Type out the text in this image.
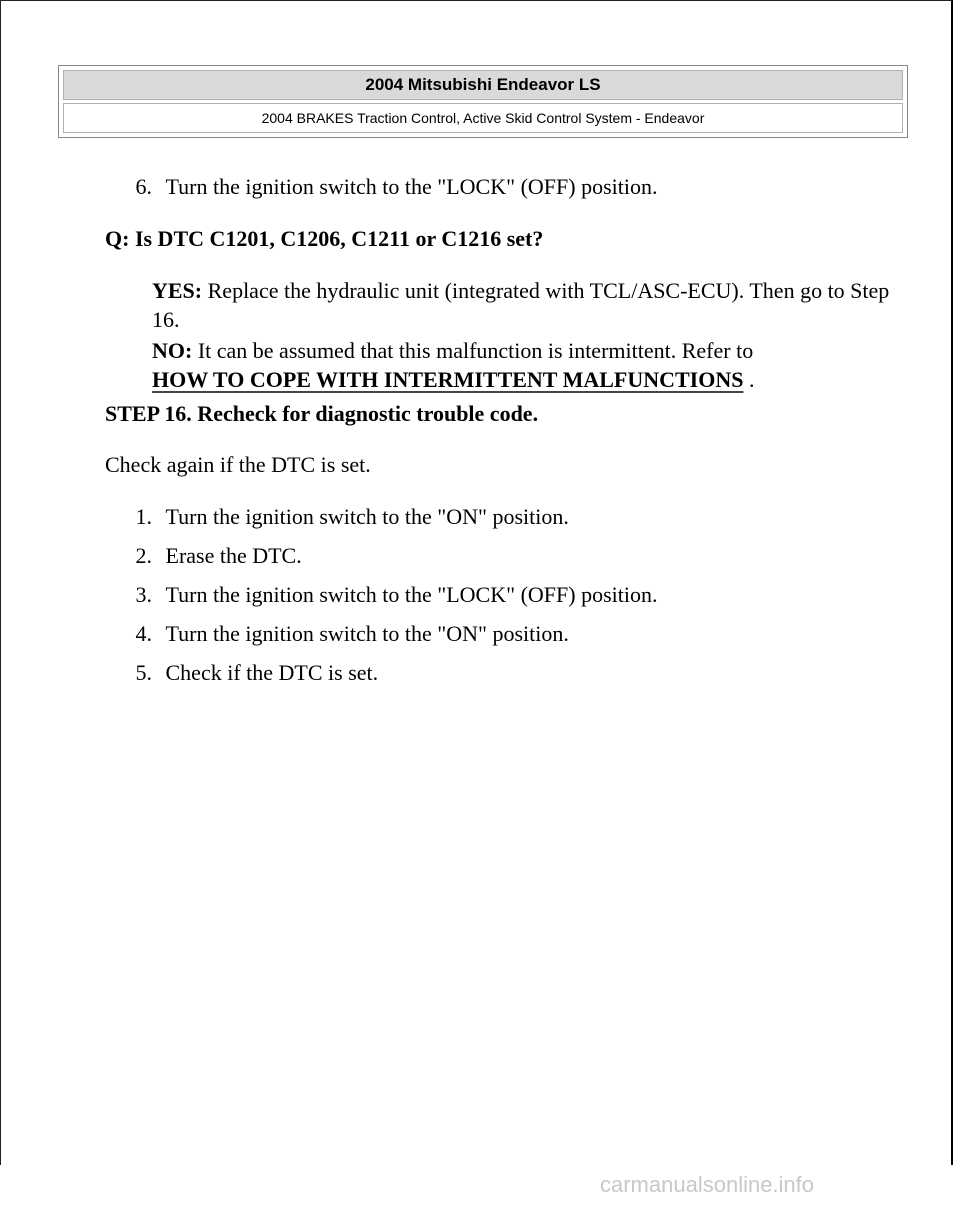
2004 Mitsubishi Endeavor LS
2004 BRAKES Traction Control, Active Skid Control System - Endeavor
6. Turn the ignition switch to the "LOCK" (OFF) position.
Q: Is DTC C1201, C1206, C1211 or C1216 set?
YES: Replace the hydraulic unit (integrated with TCL/ASC-ECU). Then go to Step 16.
NO: It can be assumed that this malfunction is intermittent. Refer to
HOW TO COPE WITH INTERMITTENT MALFUNCTIONS .
STEP 16. Recheck for diagnostic trouble code.
Check again if the DTC is set.
1. Turn the ignition switch to the "ON" position.
2. Erase the DTC.
3. Turn the ignition switch to the "LOCK" (OFF) position.
4. Turn the ignition switch to the "ON" position.
5. Check if the DTC is set.
carmanualsonline.info
